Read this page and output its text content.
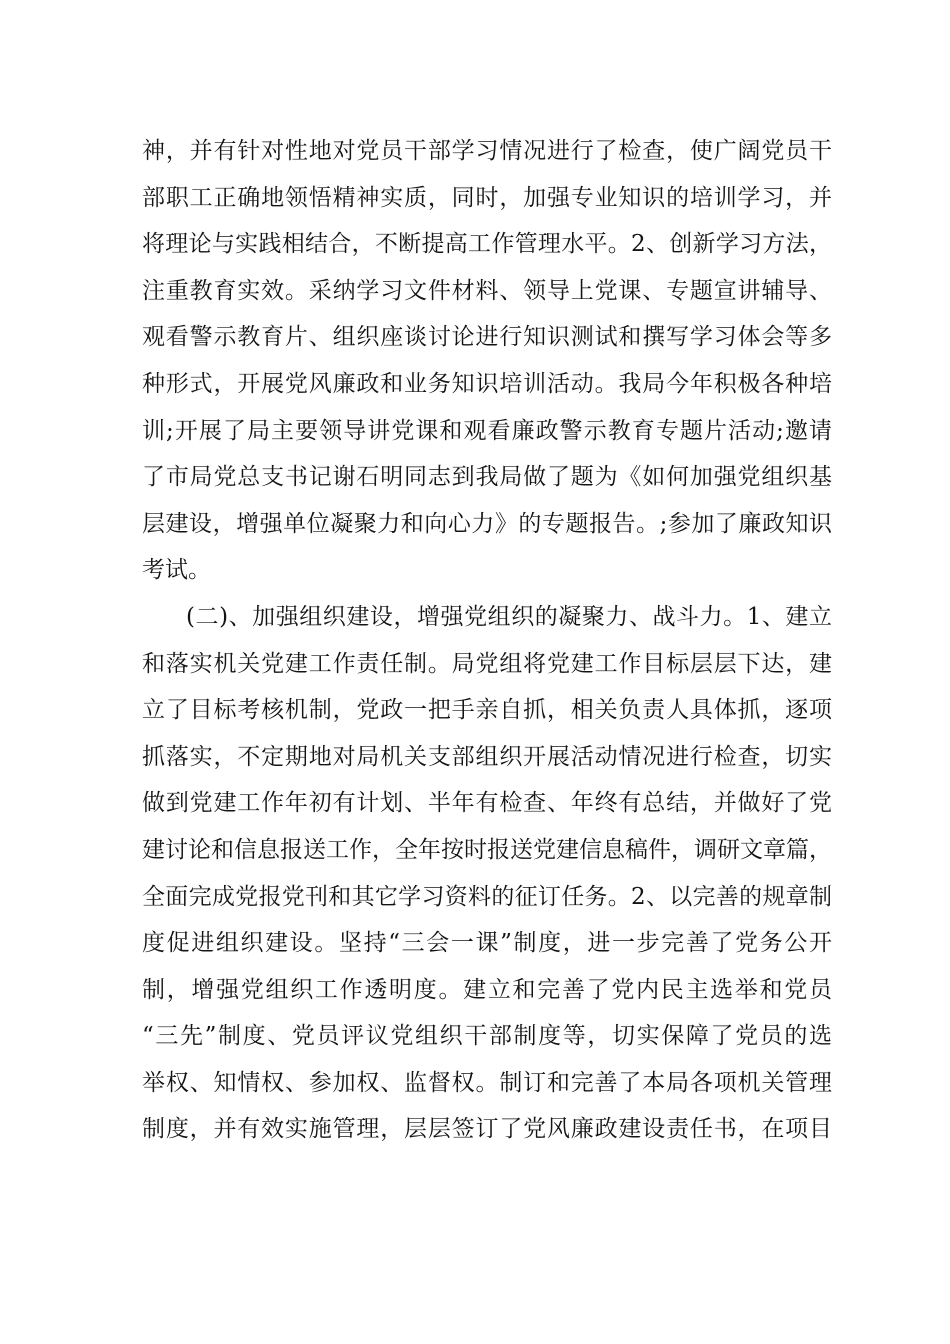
神，并有针对性地对党员干部学习情况进行了检查，使广阔党员干
部职工正确地领悟精神实质，同时，加强专业知识的培训学习，并
将理论与实践相结合，不断提高工作管理水平。2、创新学习方法，
注重教育实效。采纳学习文件材料、领导上党课、专题宣讲辅导、
观看警示教育片、组织座谈讨论进行知识测试和撰写学习体会等多
种形式，开展党风廉政和业务知识培训活动。我局今年积极各种培
训;开展了局主要领导讲党课和观看廉政警示教育专题片活动;邀请
了市局党总支书记谢石明同志到我局做了题为《如何加强党组织基
层建设，增强单位凝聚力和向心力》的专题报告。;参加了廉政知识
考试。
(二)、加强组织建设，增强党组织的凝聚力、战斗力。1、建立
和落实机关党建工作责任制。局党组将党建工作目标层层下达，建
立了目标考核机制，党政一把手亲自抓，相关负责人具体抓，逐项
抓落实，不定期地对局机关支部组织开展活动情况进行检查，切实
做到党建工作年初有计划、半年有检查、年终有总结，并做好了党
建讨论和信息报送工作，全年按时报送党建信息稿件，调研文章篇，
全面完成党报党刊和其它学习资料的征订任务。2、以完善的规章制
度促进组织建设。坚持“三会一课”制度，进一步完善了党务公开
制，增强党组织工作透明度。建立和完善了党内民主选举和党员
“三先”制度、党员评议党组织干部制度等，切实保障了党员的选
举权、知情权、参加权、监督权。制订和完善了本局各项机关管理
制度，并有效实施管理，层层签订了党风廉政建设责任书，在项目
